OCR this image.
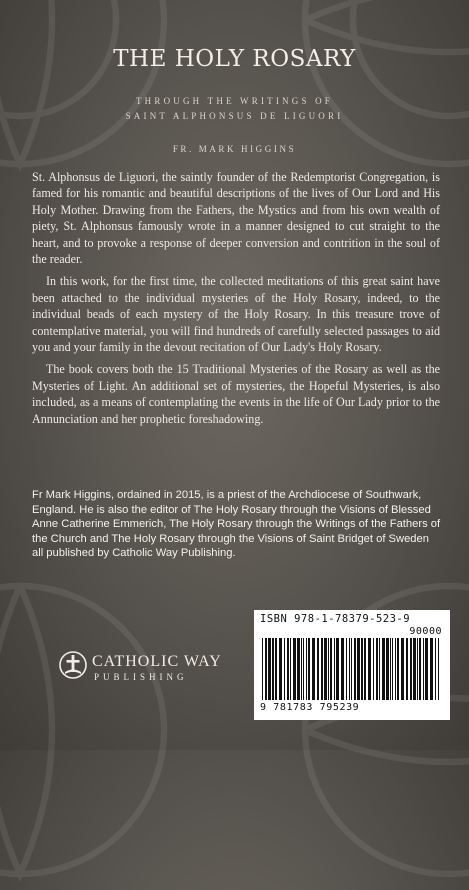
THE HOLY ROSARY
THROUGH THE WRITINGS OF
SAINT ALPHONSUS DE LIGUORI
FR. MARK HIGGINS

St. Alphonsus de Liguori, the saintly founder of the Redemptorist Congregation, is famed for his romantic and beautiful descriptions of the lives of Our Lord and His Holy Mother. Drawing from the Fathers, the Mystics and from his own wealth of piety, St. Alphonsus famously wrote in a manner designed to cut straight to the heart, and to provoke a response of deeper conversion and contrition in the soul of the reader.

In this work, for the first time, the collected meditations of this great saint have been attached to the individual mysteries of the Holy Rosary, indeed, to the individual beads of each mystery of the Holy Rosary. In this treasure trove of contemplative material, you will find hundreds of carefully selected passages to aid you and your family in the devout recitation of Our Lady's Holy Rosary.

The book covers both the 15 Traditional Mysteries of the Rosary as well as the Mysteries of Light. An additional set of mysteries, the Hopeful Mysteries, is also included, as a means of contemplating the events in the life of Our Lady prior to the Annunciation and her prophetic foreshadowing.

Fr Mark Higgins, ordained in 2015, is a priest of the Archdiocese of Southwark, England. He is also the editor of The Holy Rosary through the Visions of Blessed Anne Catherine Emmerich, The Holy Rosary through the Writings of the Fathers of the Church and The Holy Rosary through the Visions of Saint Bridget of Sweden all published by Catholic Way Publishing.

CATHOLIC WAY
PUBLISHING
ISBN 978-1-78379-523-9
90000
9 781783 795239
